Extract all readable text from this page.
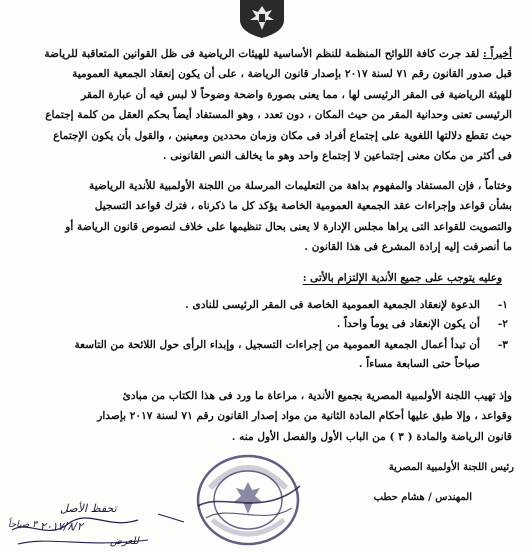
أخيراً : لقد جرت كافة اللوائح المنظمة للنظم الأساسية للهيئات الرياضية فى ظل القوانين المتعاقبة للرياضة

قبل صدور القانون رقم ٧١ لسنة ٢٠١٧ بإصدار قانون الرياضة ، على أن يكون إنعقاد الجمعية العمومية

للهيئة الرياضية فى المقر الرئيسى لها ، مما يعنى بصورة واضحة وضوحاً لا لبس فيه أن عبارة المقر

الرئيسى تعنى وحدانية المقر من حيث المكان ، دون تعدد ، وهو المستفاد أيضاً بحكم العقل من كلمة إجتماع

حيث تقطع دلالتها اللغوية على إجتماع أفراد فى مكان وزمان محددين ومعينين ، والقول بأن يكون الإجتماع

فى أكثر من مكان معنى إجتماعين لا إجتماع واحد وهو ما يخالف النص القانونى .

وختاماً ، فإن المستفاد والمفهوم بداهة من التعليمات المرسلة من اللجنة الأولمبية للأندية الرياضية

بشأن قواعد وإجراءات عقد الجمعية العمومية الخاصة يؤكد كل ما ذكرناه ، فترك قواعد التسجيل

والتصويت للقواعد التى يراها مجلس الإدارة لا يعنى بحال تنظيمها على خلاف لنصوص قانون الرياضة أو

ما أنصرفت إليه إرادة المشرع فى هذا القانون .

وعليه يتوجب على جميع الأندية الإلتزام بالأتى :
١-
الدعوة لإنعقاد الجمعية العمومية الخاصة فى المقر الرئيسى للنادى .
٢-
أن يكون الإنعقاد فى يوماً واحداً .
٣-
أن تبدأ أعمال الجمعية العمومية من إجراءات التسجيل ، وإبداء الرأى حول اللائحة من التاسعة
صباحاً حتى السابعة مساءاً .

وإذ تهيب اللجنة الأولمبية المصرية بجميع الأندية ، مراعاة ما ورد فى هذا الكتاب من مبادئ

وقواعد ، وإلا طبق عليها أحكام المادة الثانية من مواد إصدار القانون رقم ٧١ لسنة ٢٠١٧ بإصدار

قانون الرياضة والمادة ( ٣ ) من الباب الأول والفصل الأول منه .

رئيس اللجنة الأولمبية المصرية
المهندس / هشام حطب
تحفظ الأصل
٢٠١٧/٨/٢
٣ صباحاً
للعرض
